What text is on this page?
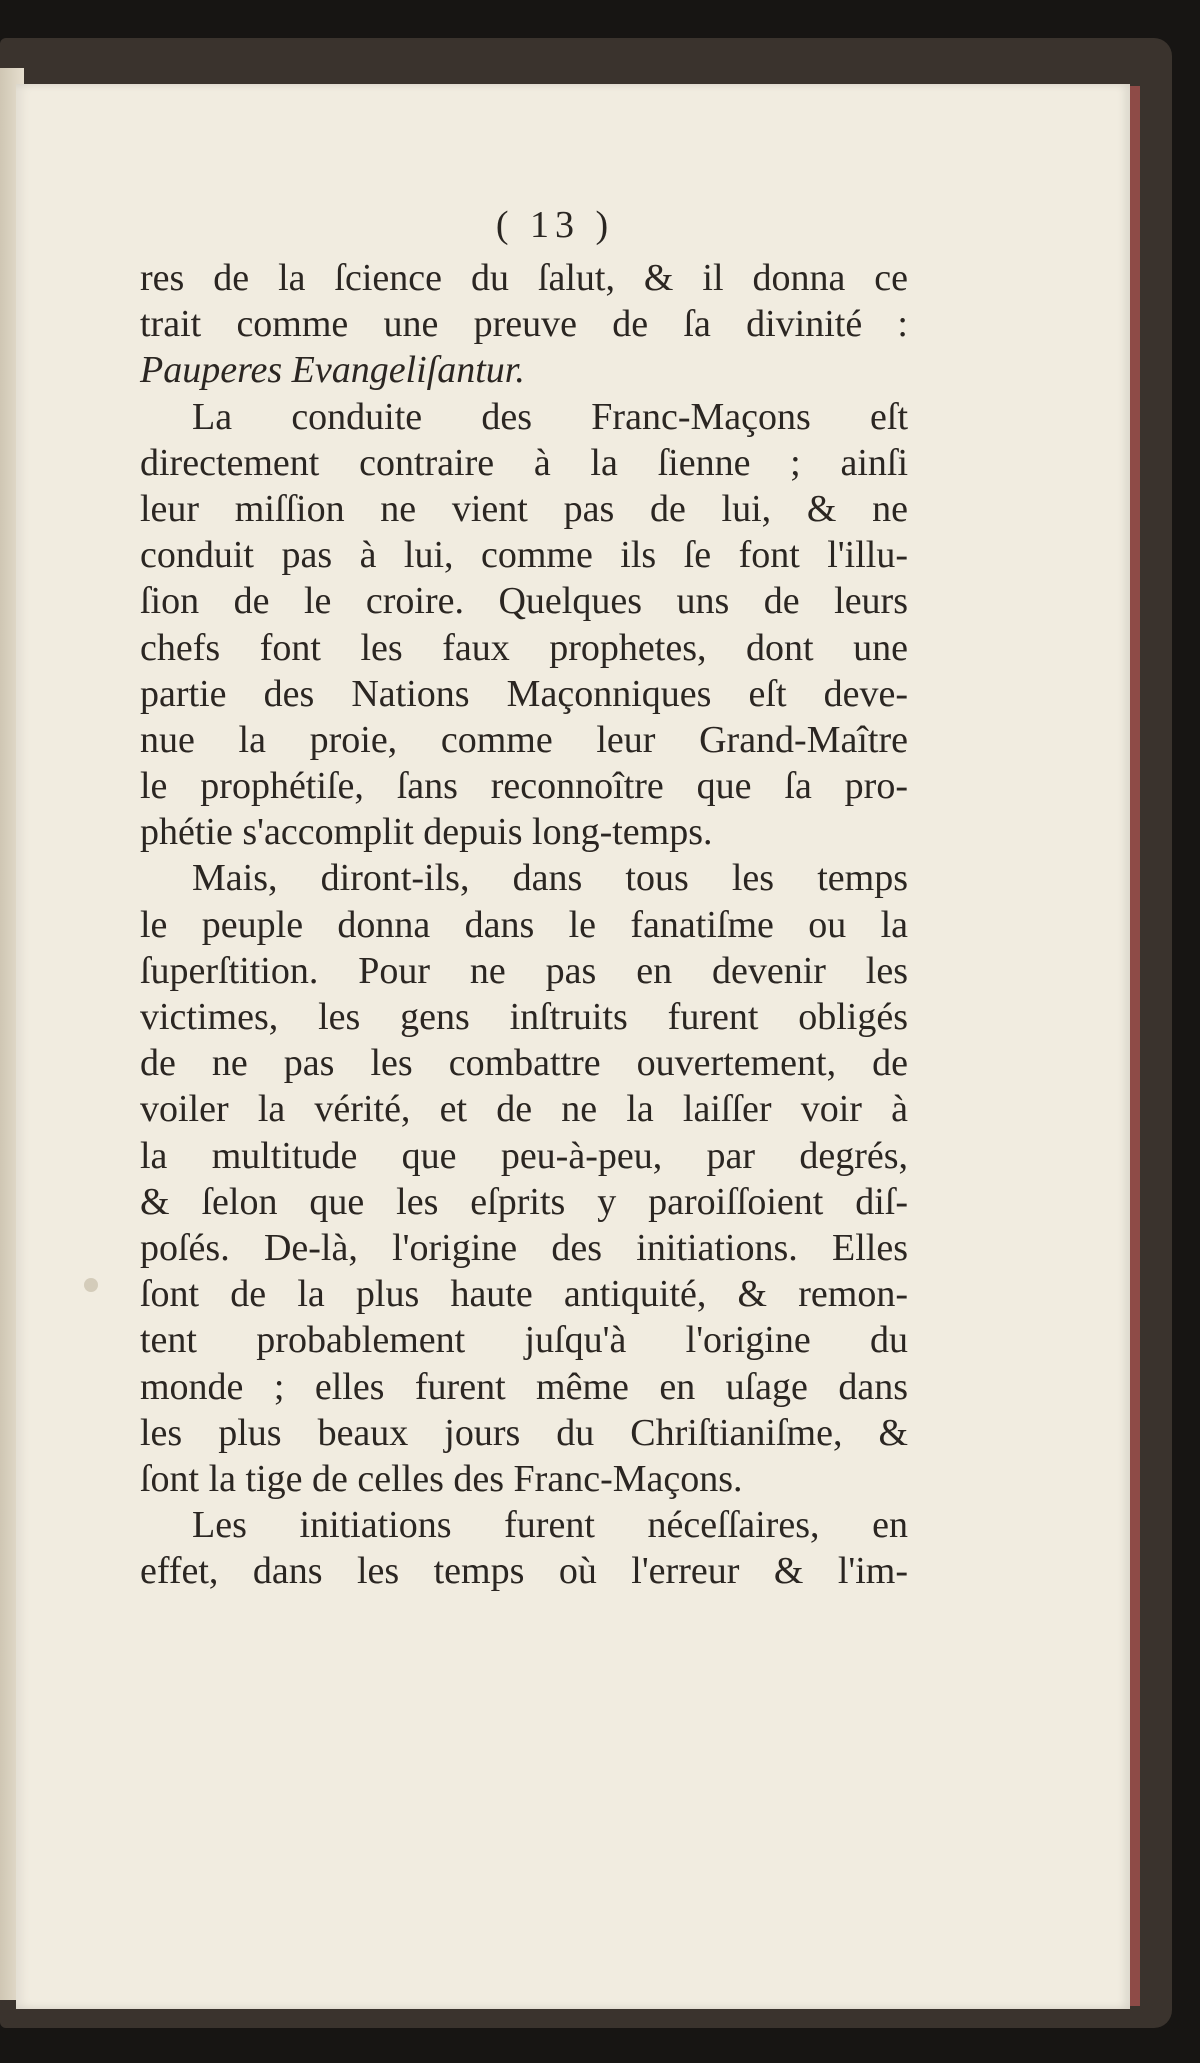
( 13 )
res de la ſcience du ſalut, & il donna ce
trait comme une preuve de ſa divinité :
Pauperes Evangeliſantur.
La conduite des Franc-Maçons eſt
directement contraire à la ſienne ; ainſi
leur miſſion ne vient pas de lui, & ne
conduit pas à lui, comme ils ſe font l'illu-
ſion de le croire. Quelques uns de leurs
chefs font les faux prophetes, dont une
partie des Nations Maçonniques eſt deve-
nue la proie, comme leur Grand-Maître
le prophétiſe, ſans reconnoître que ſa pro-
phétie s'accomplit depuis long-temps.
Mais, diront-ils, dans tous les temps
le peuple donna dans le fanatiſme ou la
ſuperſtition. Pour ne pas en devenir les
victimes, les gens inſtruits furent obligés
de ne pas les combattre ouvertement, de
voiler la vérité, et de ne la laiſſer voir à
la multitude que peu-à-peu, par degrés,
& ſelon que les eſprits y paroiſſoient diſ-
poſés. De-là, l'origine des initiations. Elles
ſont de la plus haute antiquité, & remon-
tent probablement juſqu'à l'origine du
monde ; elles furent même en uſage dans
les plus beaux jours du Chriſtianiſme, &
ſont la tige de celles des Franc-Maçons.
Les initiations furent néceſſaires, en
effet, dans les temps où l'erreur & l'im-
